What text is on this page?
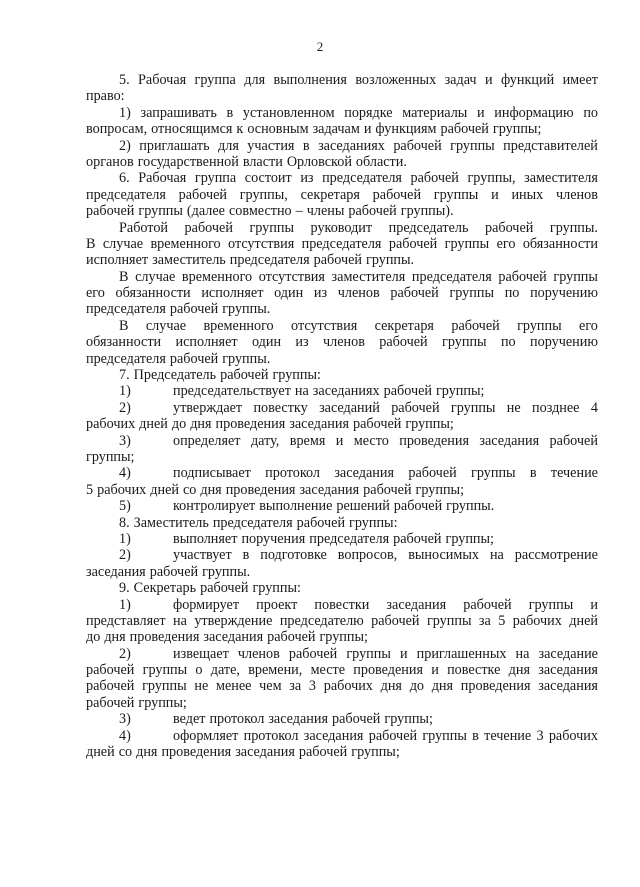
2
5. Рабочая группа для выполнения возложенных задач и функций имеет
право:
1) запрашивать в установленном порядке материалы и информацию по
вопросам, относящимся к основным задачам и функциям рабочей группы;
2) приглашать для участия в заседаниях рабочей группы представителей
органов государственной власти Орловской области.
6. Рабочая группа состоит из председателя рабочей группы, заместителя
председателя рабочей группы, секретаря рабочей группы и иных членов
рабочей группы (далее совместно – члены рабочей группы).
Работой рабочей группы руководит председатель рабочей группы.
В случае временного отсутствия председателя рабочей группы его обязанности
исполняет заместитель председателя рабочей группы.
В случае временного отсутствия заместителя председателя рабочей группы
его обязанности исполняет один из членов рабочей группы по поручению
председателя рабочей группы.
В случае временного отсутствия секретаря рабочей группы его
обязанности исполняет один из членов рабочей группы по поручению
председателя рабочей группы.
7. Председатель рабочей группы:
1)	председательствует на заседаниях рабочей группы;
2)	утверждает повестку заседаний рабочей группы не позднее 4
рабочих дней до дня проведения заседания рабочей группы;
3)	определяет дату, время и место проведения заседания рабочей
группы;
4)	подписывает протокол заседания рабочей группы в течение
5 рабочих дней со дня проведения заседания рабочей группы;
5)	контролирует выполнение решений рабочей группы.
8. Заместитель председателя рабочей группы:
1)	выполняет поручения председателя рабочей группы;
2)	участвует в подготовке вопросов, выносимых на рассмотрение
заседания рабочей группы.
9. Секретарь рабочей группы:
1)	формирует проект повестки заседания рабочей группы и
представляет на утверждение председателю рабочей группы за 5 рабочих дней
до дня проведения заседания рабочей группы;
2)	извещает членов рабочей группы и приглашенных на заседание
рабочей группы о дате, времени, месте проведения и повестке дня заседания
рабочей группы не менее чем за 3 рабочих дня до дня проведения заседания
рабочей группы;
3)	ведет протокол заседания рабочей группы;
4)	оформляет протокол заседания рабочей группы в течение 3 рабочих
дней со дня проведения заседания рабочей группы;
